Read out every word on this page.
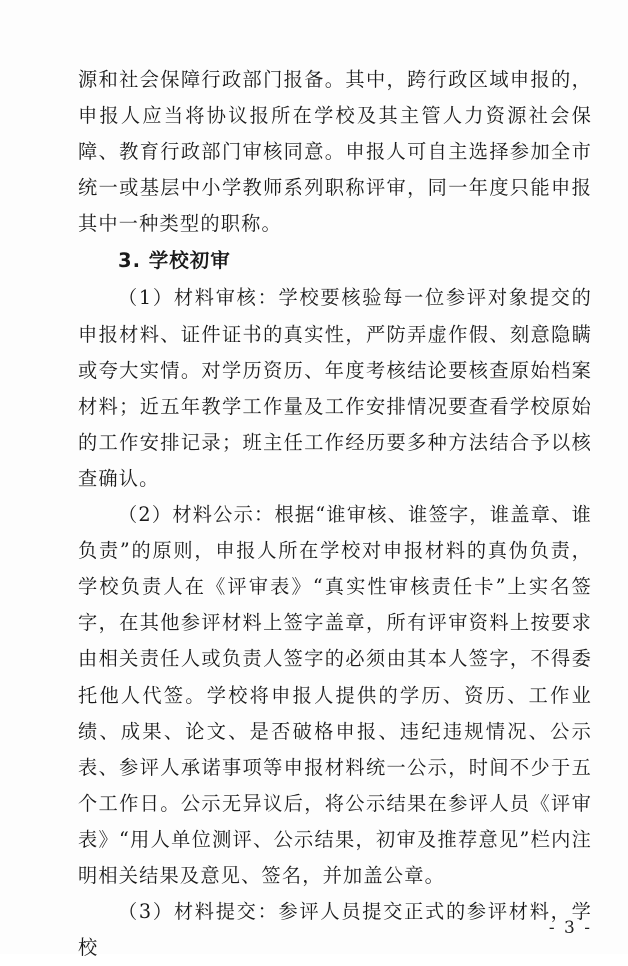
源和社会保障行政部门报备。其中，跨行政区域申报的，申报人应当将协议报所在学校及其主管人力资源社会保障、教育行政部门审核同意。申报人可自主选择参加全市统一或基层中小学教师系列职称评审，同一年度只能申报其中一种类型的职称。

3. 学校初审

（1）材料审核：学校要核验每一位参评对象提交的申报材料、证件证书的真实性，严防弄虚作假、刻意隐瞒或夸大实情。对学历资历、年度考核结论要核查原始档案材料；近五年教学工作量及工作安排情况要查看学校原始的工作安排记录；班主任工作经历要多种方法结合予以核查确认。

（2）材料公示：根据“谁审核、谁签字，谁盖章、谁负责”的原则，申报人所在学校对申报材料的真伪负责，学校负责人在《评审表》“真实性审核责任卡”上实名签字，在其他参评材料上签字盖章，所有评审资料上按要求由相关责任人或负责人签字的必须由其本人签字，不得委托他人代签。学校将申报人提供的学历、资历、工作业绩、成果、论文、是否破格申报、违纪违规情况、公示表、参评人承诺事项等申报材料统一公示，时间不少于五个工作日。公示无异议后，将公示结果在参评人员《评审表》“用人单位测评、公示结果，初审及推荐意见”栏内注明相关结果及意见、签名，并加盖公章。

（3）材料提交：参评人员提交正式的参评材料，学校

- 3 -
